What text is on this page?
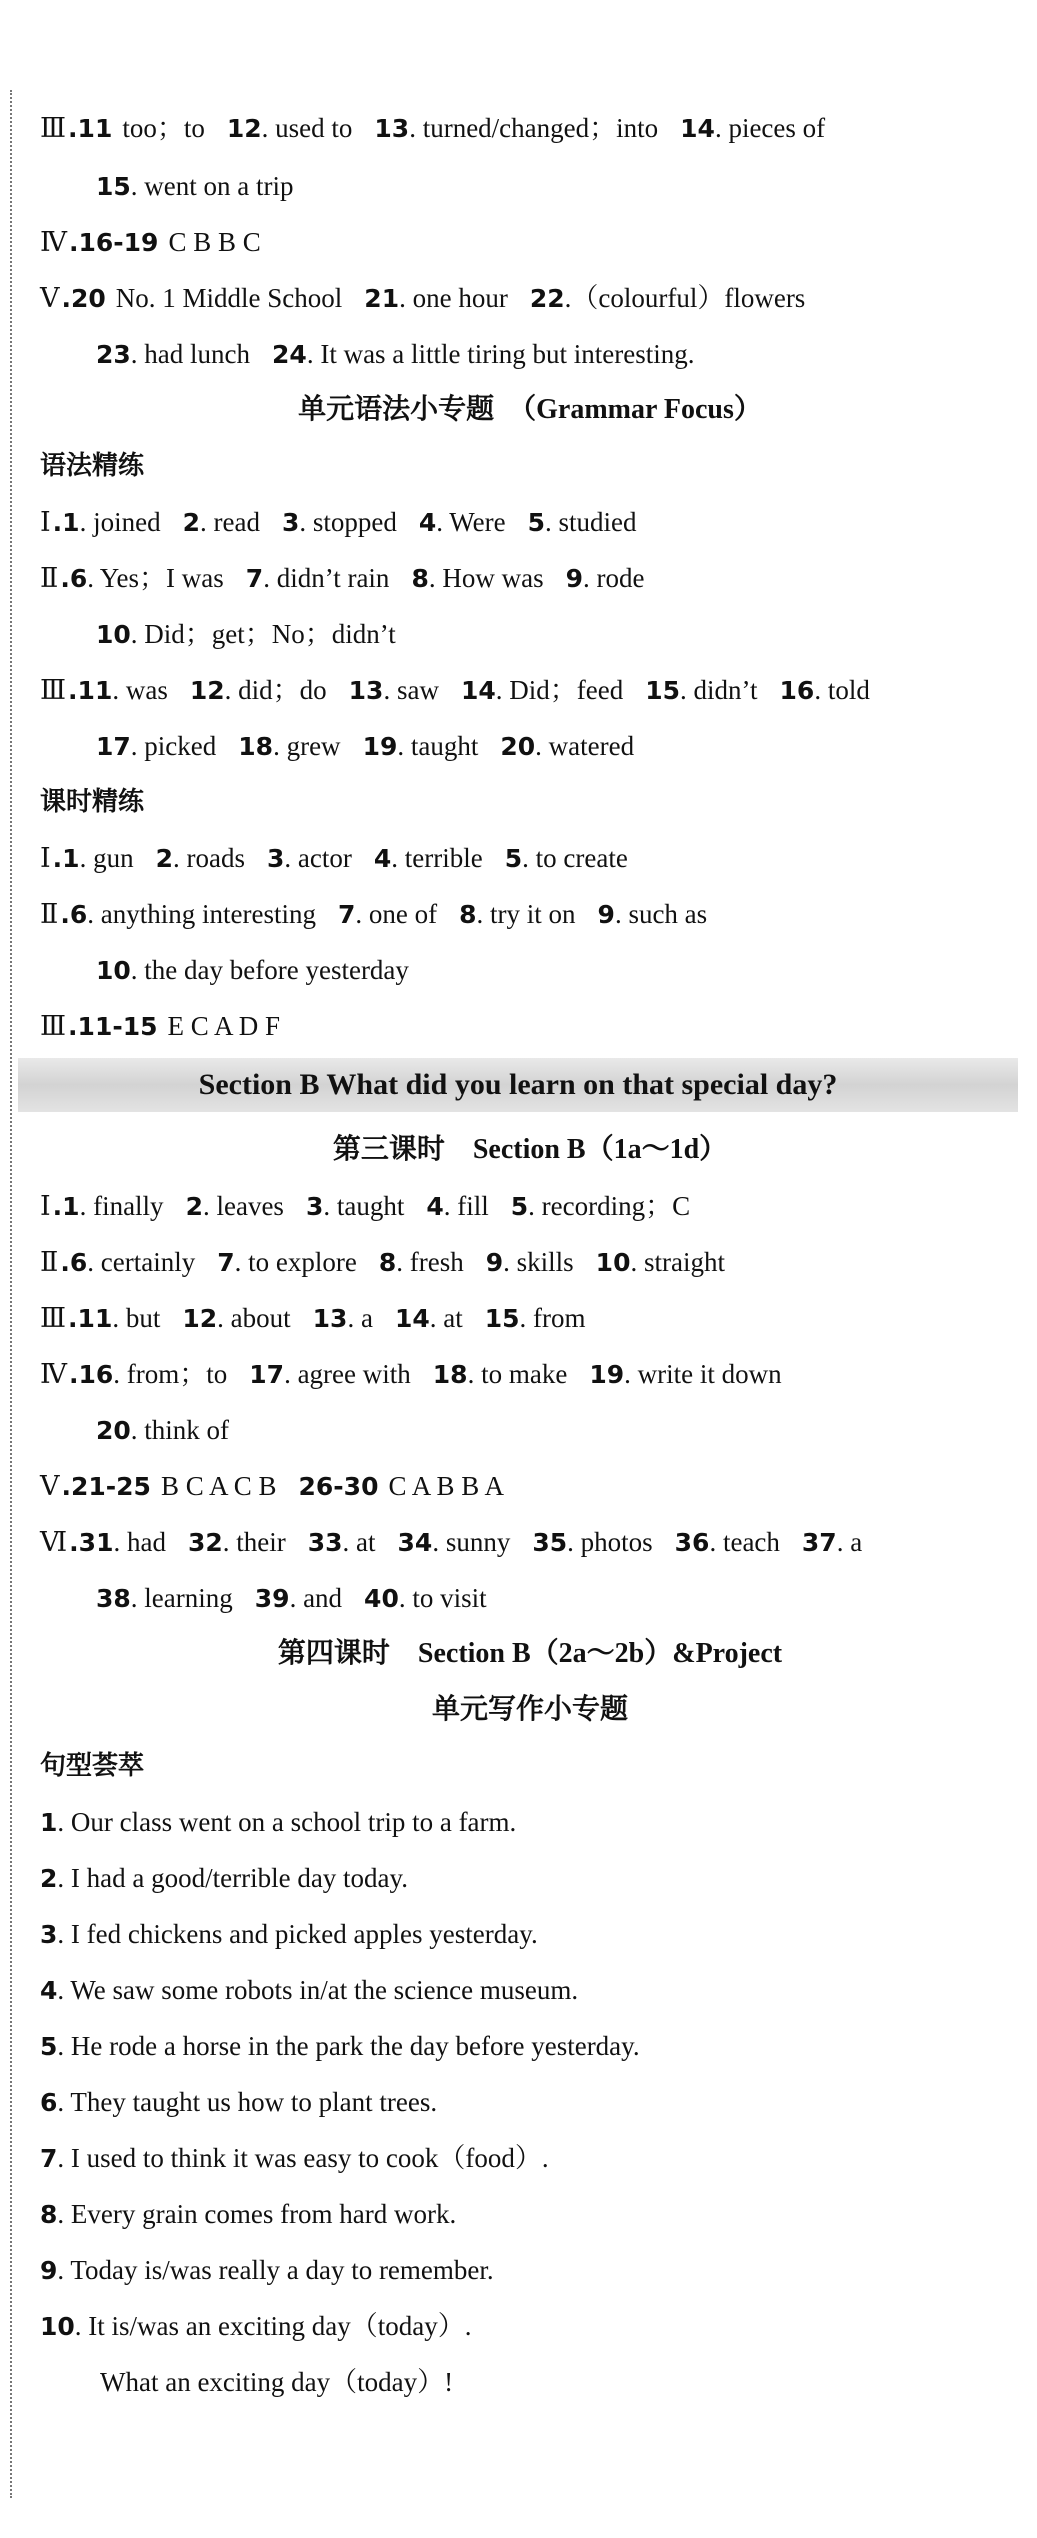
Ⅲ.11 too；to 12. used to 13. turned/changed；into 14. pieces of
15. went on a trip
Ⅳ.16-19 C B B C
Ⅴ.20 No. 1 Middle School 21. one hour 22.（colourful）flowers
23. had lunch 24. It was a little tiring but interesting.
单元语法小专题　（Grammar Focus）
语法精练
Ⅰ.1. joined 2. read 3. stopped 4. Were 5. studied
Ⅱ.6. Yes；I was 7. didn’t rain 8. How was 9. rode
10. Did；get；No；didn’t
Ⅲ.11. was 12. did；do 13. saw 14. Did；feed 15. didn’t 16. told
17. picked 18. grew 19. taught 20. watered
课时精练
Ⅰ.1. gun 2. roads 3. actor 4. terrible 5. to create
Ⅱ.6. anything interesting 7. one of 8. try it on 9. such as
10. the day before yesterday
Ⅲ.11-15 E C A D F
Section B What did you learn on that special day?
第三课时　Section B（1a～1d）
Ⅰ.1. finally 2. leaves 3. taught 4. fill 5. recording；C
Ⅱ.6. certainly 7. to explore 8. fresh 9. skills 10. straight
Ⅲ.11. but 12. about 13. a 14. at 15. from
Ⅳ.16. from；to 17. agree with 18. to make 19. write it down
20. think of
Ⅴ.21-25 B C A C B 26-30 C A B B A
Ⅵ.31. had 32. their 33. at 34. sunny 35. photos 36. teach 37. a
38. learning 39. and 40. to visit
第四课时　Section B（2a～2b）&Project
单元写作小专题
句型荟萃
1. Our class went on a school trip to a farm.
2. I had a good/terrible day today.
3. I fed chickens and picked apples yesterday.
4. We saw some robots in/at the science museum.
5. He rode a horse in the park the day before yesterday.
6. They taught us how to plant trees.
7. I used to think it was easy to cook（food）.
8. Every grain comes from hard work.
9. Today is/was really a day to remember.
10. It is/was an exciting day（today）.
What an exciting day（today）!
